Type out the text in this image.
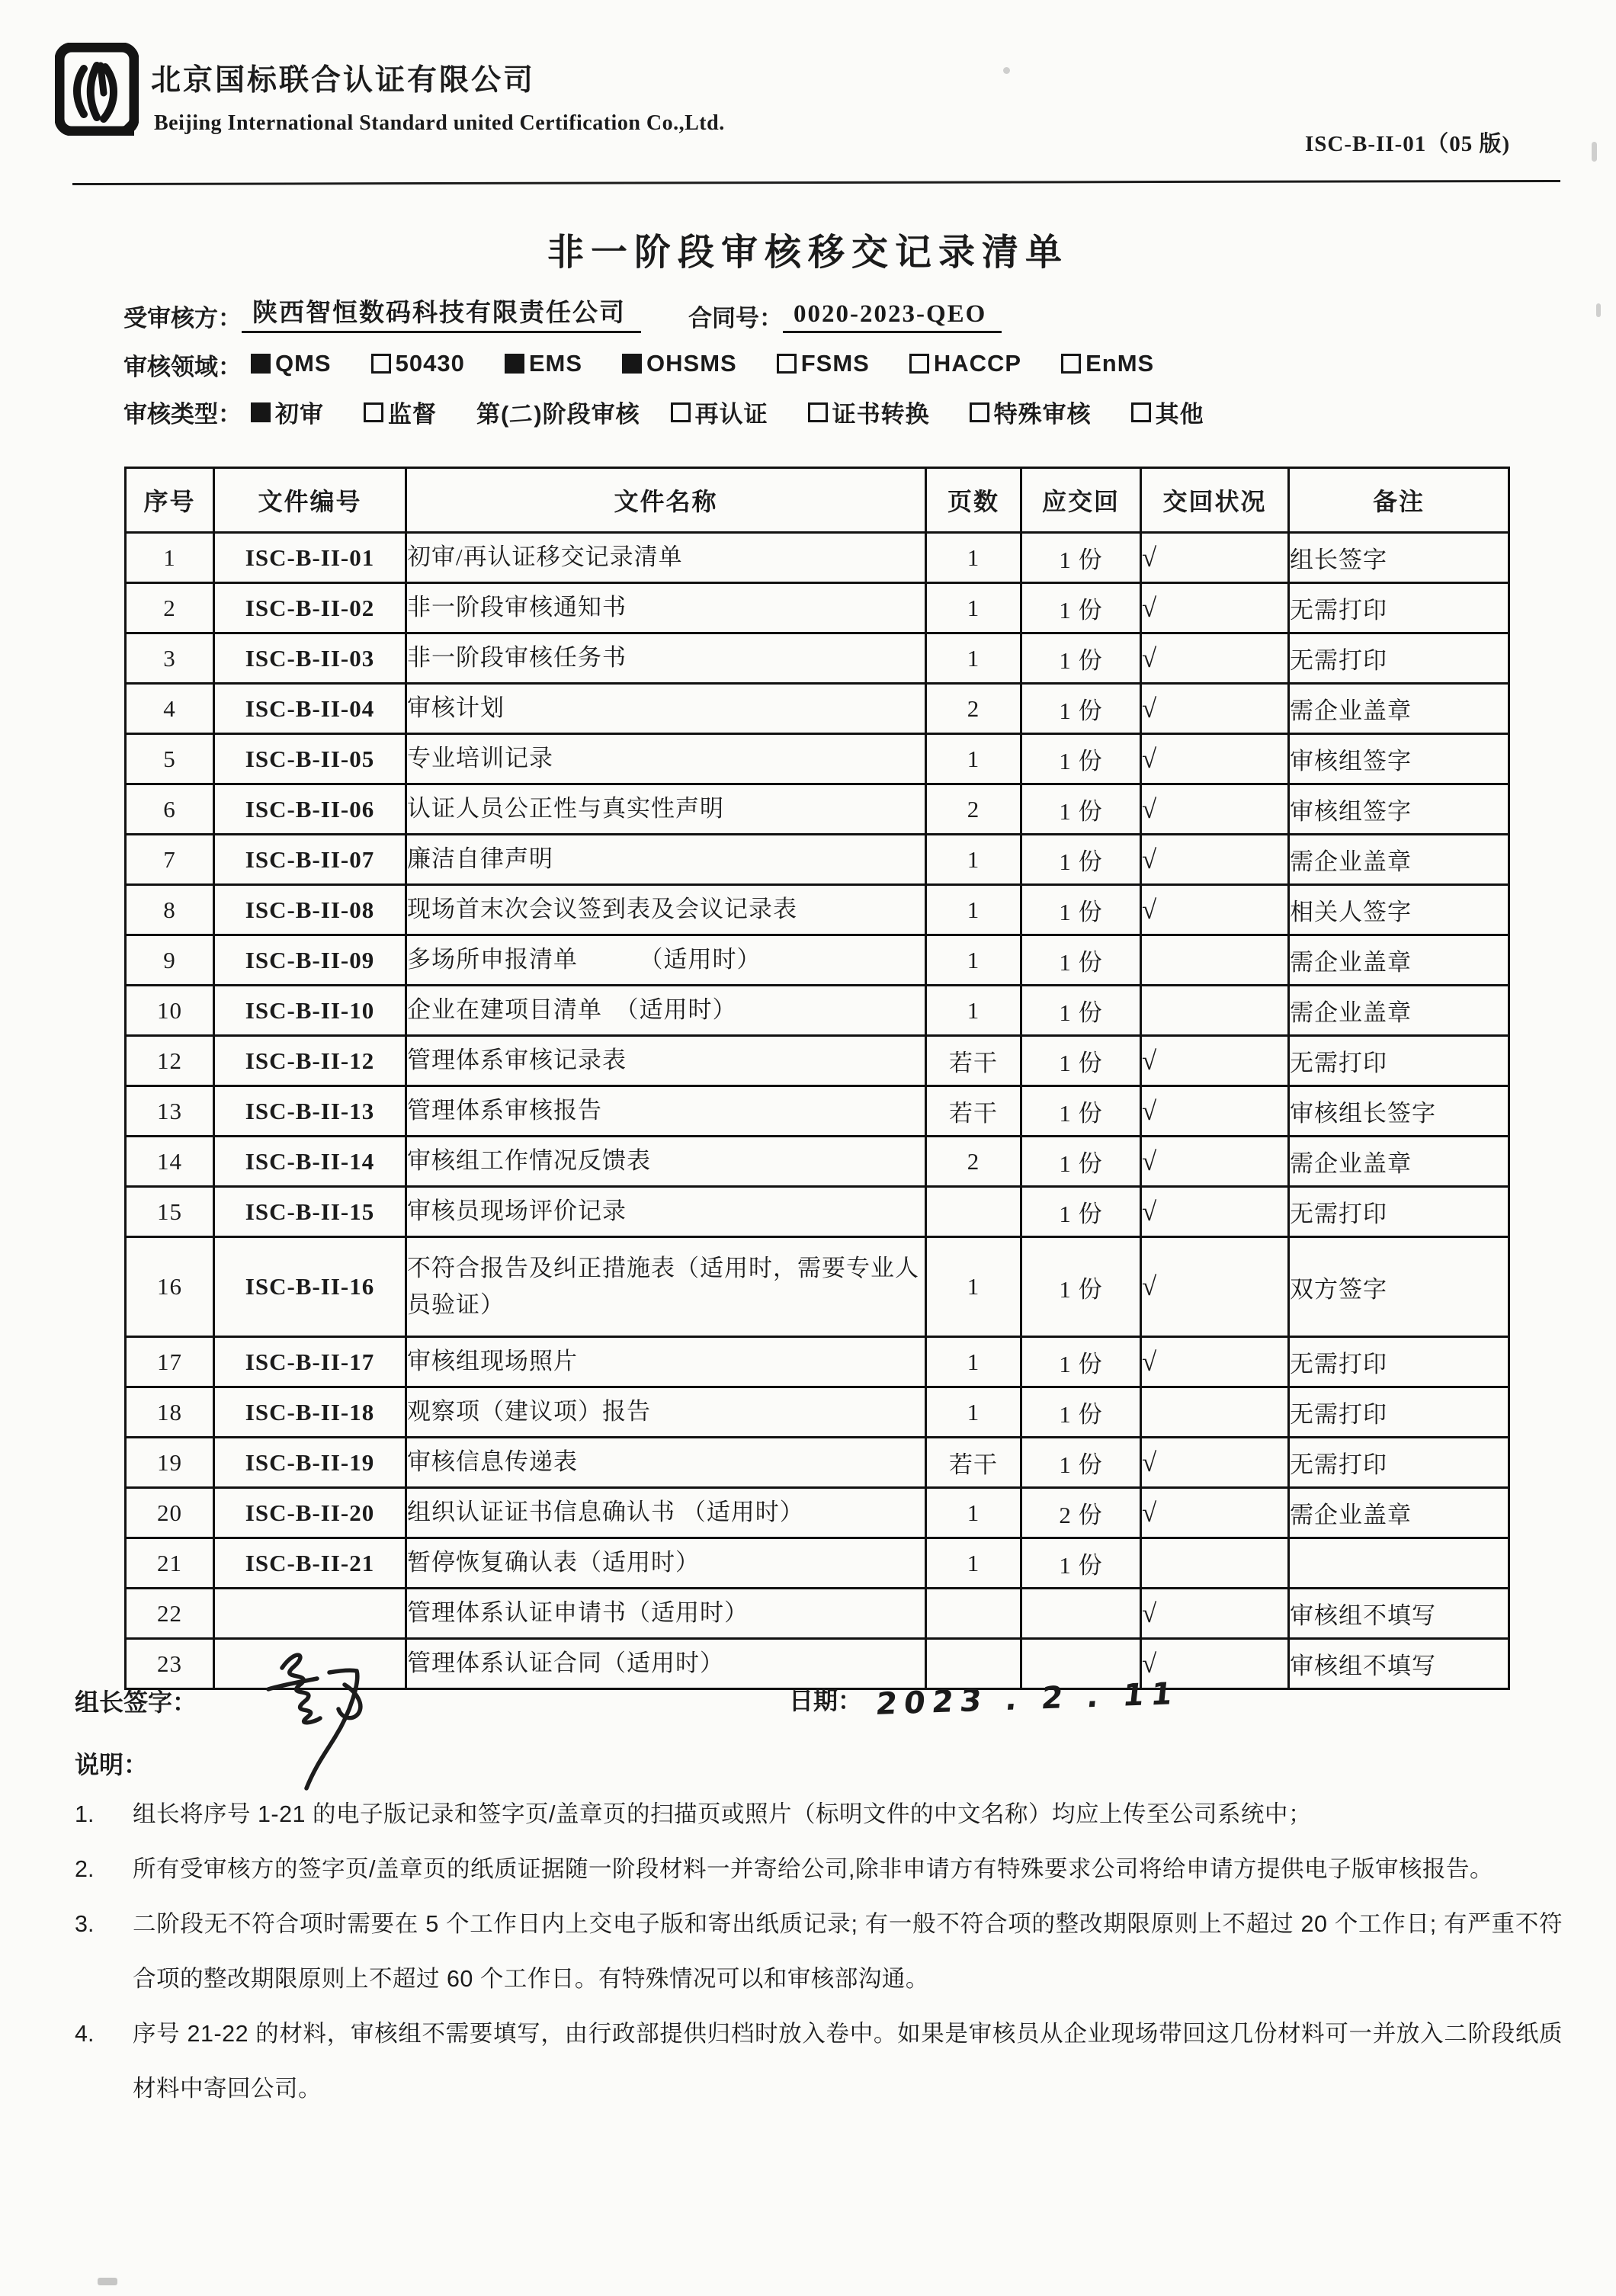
北京国标联合认证有限公司
Beijing International Standard united Certification Co.,Ltd.
ISC-B-II-01（05 版)
非一阶段审核移交记录清单
受审核方： 陕西智恒数码科技有限责任公司	合同号： 0020-2023-QEO
审核领域： QMS	50430	EMS	OHSMS	FSMS	HACCP	EnMS
审核类型： 初审	监督 第(二)阶段审核 再认证	证书转换	特殊审核	其他
序号	文件编号	文件名称	页数	应交回	交回状况	备注
1	ISC-B-II-01	初审/再认证移交记录清单	1	1 份	√	组长签字
2	ISC-B-II-02	非一阶段审核通知书	1	1 份	√	无需打印
3	ISC-B-II-03	非一阶段审核任务书	1	1 份	√	无需打印
4	ISC-B-II-04	审核计划	2	1 份	√	需企业盖章
5	ISC-B-II-05	专业培训记录	1	1 份	√	审核组签字
6	ISC-B-II-06	认证人员公正性与真实性声明	2	1 份	√	审核组签字
7	ISC-B-II-07	廉洁自律声明	1	1 份	√	需企业盖章
8	ISC-B-II-08	现场首末次会议签到表及会议记录表	1	1 份	√	相关人签字
9	ISC-B-II-09	多场所申报清单　　　（适用时）	1	1 份		需企业盖章
10	ISC-B-II-10	企业在建项目清单　（适用时）	1	1 份		需企业盖章
12	ISC-B-II-12	管理体系审核记录表	若干	1 份	√	无需打印
13	ISC-B-II-13	管理体系审核报告	若干	1 份	√	审核组长签字
14	ISC-B-II-14	审核组工作情况反馈表	2	1 份	√	需企业盖章
15	ISC-B-II-15	审核员现场评价记录		1 份	√	无需打印
16	ISC-B-II-16	不符合报告及纠正措施表（适用时，需要专业人员验证）	1	1 份	√	双方签字
17	ISC-B-II-17	审核组现场照片	1	1 份	√	无需打印
18	ISC-B-II-18	观察项（建议项）报告	1	1 份		无需打印
19	ISC-B-II-19	审核信息传递表	若干	1 份	√	无需打印
20	ISC-B-II-20	组织认证证书信息确认书 （适用时）	1	2 份	√	需企业盖章
21	ISC-B-II-21	暂停恢复确认表（适用时）	1	1 份		
22		管理体系认证申请书（适用时）			√	审核组不填写
23		管理体系认证合同（适用时）			√	审核组不填写
组长签字：	日期： 2023 . 2 . 11
说明：
1.	组长将序号 1-21 的电子版记录和签字页/盖章页的扫描页或照片（标明文件的中文名称）均应上传至公司系统中；
2.	所有受审核方的签字页/盖章页的纸质证据随一阶段材料一并寄给公司,除非申请方有特殊要求公司将给申请方提供电子版审核报告。
3.	二阶段无不符合项时需要在 5 个工作日内上交电子版和寄出纸质记录; 有一般不符合项的整改期限原则上不超过 20 个工作日; 有严重不符合项的整改期限原则上不超过 60 个工作日。有特殊情况可以和审核部沟通。
4.	序号 21-22 的材料，审核组不需要填写，由行政部提供归档时放入卷中。如果是审核员从企业现场带回这几份材料可一并放入二阶段纸质材料中寄回公司。
